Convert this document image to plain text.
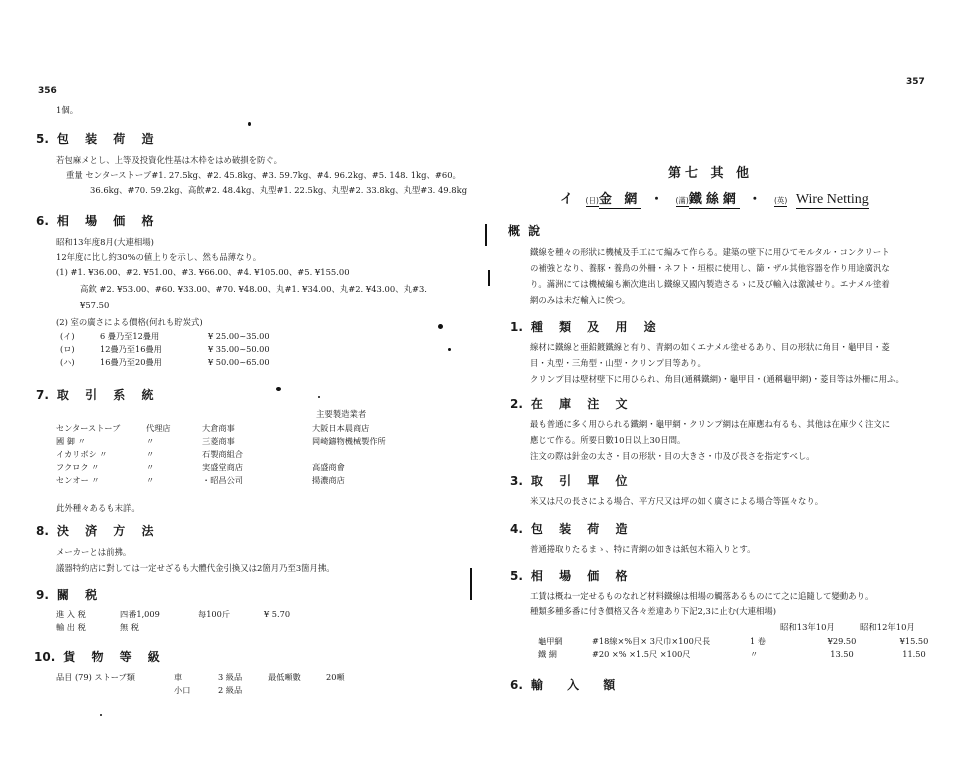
356
1個。
5. 包 装 荷 造
若包麻メとし、上等及投資化性基は木枠をはめ破損を防ぐ。
重量 センターストーブ#1. 27.5kg、#2. 45.8kg、#3. 59.7kg、#4. 96.2kg、#5. 148. 1kg、#60。
36.6kg、#70. 59.2kg、高飲#2. 48.4kg、丸型#1. 22.5kg、丸型#2. 33.8kg、丸型#3. 49.8kg
6. 相 場 価 格
昭和13年度8月(大連相場)
12年度に比し約30%の値上りを示し、然も品薄なり。
(1) #1. ¥36.00、#2. ¥51.00、#3. ¥66.00、#4. ¥105.00、#5. ¥155.00
高欽 #2. ¥53.00、#60. ¥33.00、#70. ¥48.00、丸#1. ¥34.00、丸#2. ¥43.00、丸#3.
¥57.50
(2) 室の廣さによる價格(何れも貯炭式)
(イ)	6 疊乃至12疊用	¥ 25.00~35.00
(ロ)	12疊乃至16疊用	¥ 35.00~50.00
(ハ)	16疊乃至20疊用	¥ 50.00~65.00
7. 取 引 系 統
主要製造業者
センターストーブ	代理店	大倉商事	大阪日本晨商店
國 御 〃	〃	三菱商事	岡崎鑄物機械製作所
イカリボシ 〃	〃	石製商組合	
フクロク 〃	〃	実盛堂商店	高盛商會
センオー 〃	〃	・昭昌公司	揚濃商店
此外種々あるも末詳。
8. 決 済 方 法
メーカーとは前拂。
議器特約店に對しては一定せざるも大體代金引換又は2箇月乃至3箇月拂。
9. 關 税
進 入 税	四番1,009	每100斤	¥ 5.70
輸 出 税	無 税		
10. 貨 物 等 級
品目 (79) ストーブ類	車	3 級品	最低噸數	20噸
	小口	2 級品		
357
第七 其 他
イ (日)金 網 ・ (滿)鐵絲網 ・ (英) Wire Netting
概 說
鐵線を種々の形狀に機械及手工にて編みて作らる。建築の壁下に用ひてモルタル・コンクリート
の補強となり、養豚・養鳥の外柵・ネフト・垣根に使用し、篩・ザル其他容器を作り用途廣汎な
り。滿洲にては機械編も漸次進出し鐵線又國內製造さるゝに及び輸入は激減せり。エナメル塗着
網のみは未だ輸入に俟つ。
1. 種 類 及 用 途
線材に鐵線と亜鉛鍍鐵線と有り、青網の如くエナメル塗せるあり、目の形狀に角目・龜甲目・菱
目・丸型・三角型・山型・クリンプ目等あり。
クリンプ目は壁材壁下に用ひられ、角目(通稱鐵網)・龜甲目・(通稱龜甲網)・菱目等は外柵に用ふ。
2. 在 庫 注 文
最も普通に多く用ひられる鐵網・龜甲網・クリンプ網は在庫應ね有るも、其他は在庫少く注文に
應じて作る。所要日數10日以上30日間。
注文の際は針金の太さ・目の形狀・目の大きさ・巾及び長さを指定すべし。
3. 取 引 單 位
米又は尺の長さによる場合、平方尺又は坪の如く廣さによる場合等區々なり。
4. 包 装 荷 造
普通捲取りたるまゝ、特に青網の如きは紙包木箱入りとす。
5. 相 場 価 格
工賃は概ね一定せるものなれど材料鐵線は相場の觸落あるものにて之に追隨して變動あり。
種類多種多番に付き價格又各々差違あり下記2,3に止む(大連相場)
昭和13年10月	昭和12年10月
龜甲網	#18線×%目× 3尺巾×100尺長	1 卷	¥29.50	¥15.50
鐵 網	#20 ×% ×1.5尺 ×100尺	〃	13.50	11.50
6. 輸 入 額
